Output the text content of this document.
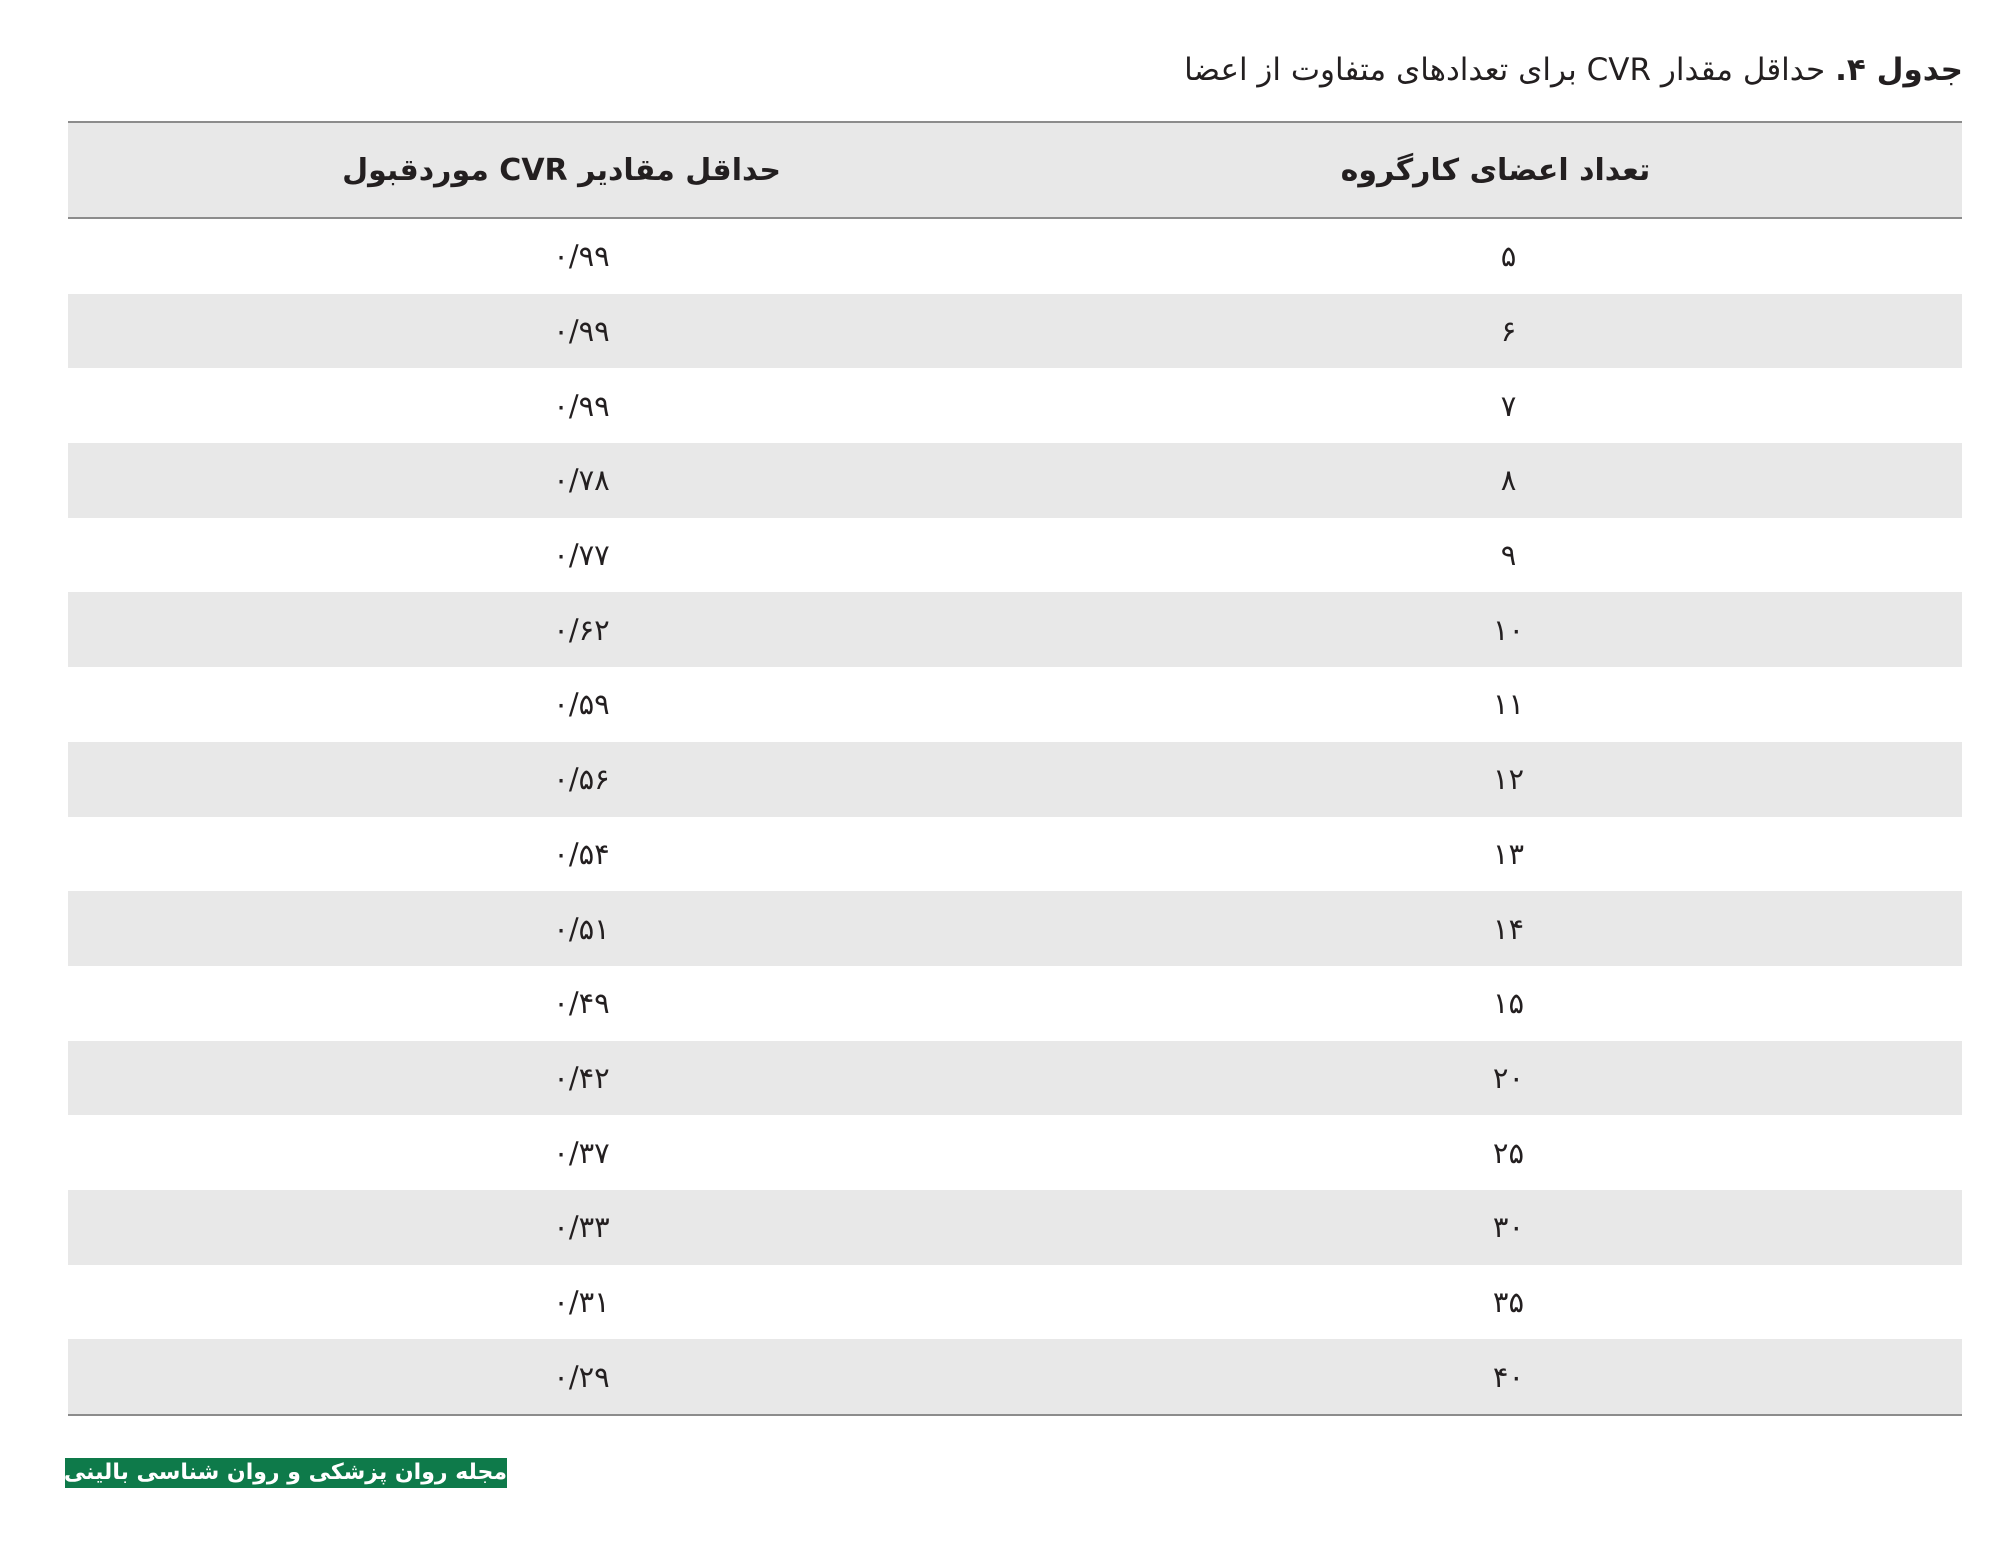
جدول ۴. حداقل مقدار CVR برای تعدادهای متفاوت از اعضا
تعداد اعضای کارگروه
حداقل مقادیر CVR موردقبول
۵
۰/۹۹
۶
۰/۹۹
۷
۰/۹۹
۸
۰/۷۸
۹
۰/۷۷
۱۰
۰/۶۲
۱۱
۰/۵۹
۱۲
۰/۵۶
۱۳
۰/۵۴
۱۴
۰/۵۱
۱۵
۰/۴۹
۲۰
۰/۴۲
۲۵
۰/۳۷
۳۰
۰/۳۳
۳۵
۰/۳۱
۴۰
۰/۲۹
مجله روان پزشکی و روان شناسی بالینی ایران
